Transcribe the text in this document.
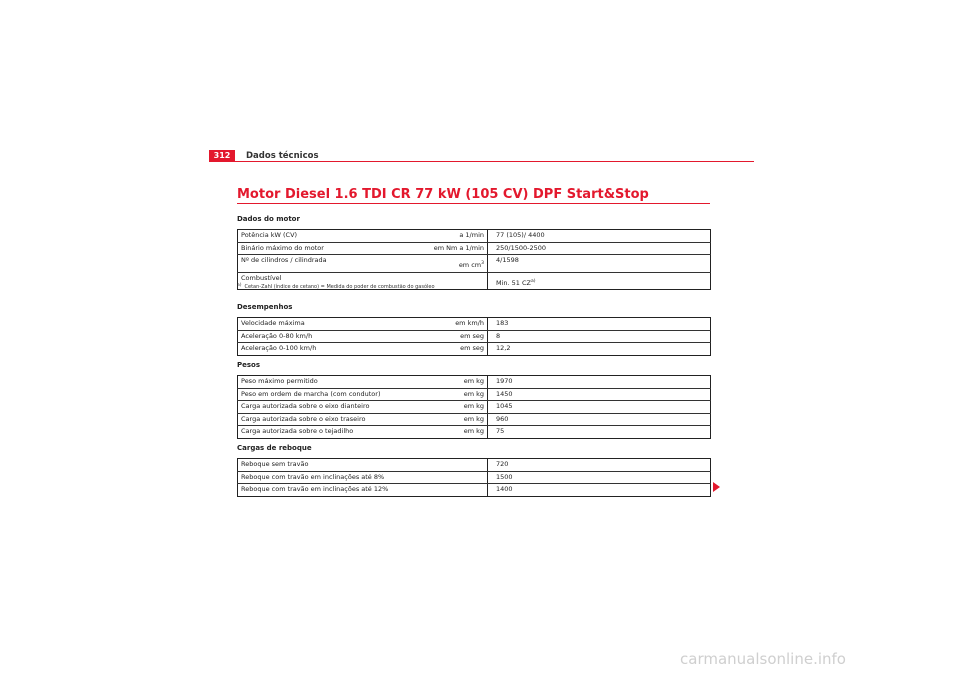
312	Dados técnicos
Motor Diesel 1.6 TDI CR 77 kW (105 CV) DPF Start&Stop
Dados do motor
Potência kW (CV)	a 1/min		77 (105)/ 4400
Binário máximo do motor	em Nm a 1/min		250/1500-2500
Nº de cilindros / cilindrada	em $cm^3$		4/1598
Combustível			Min. 51 CZ$^{a)}$
a) Cetan-Zahl (índice de cetano) = Medida do poder de combustão do gasóleo
Desempenhos
Velocidade máxima	em km/h		183
Aceleração 0-80 km/h	em seg		8
Aceleração 0-100 km/h	em seg		12,2
Pesos
Peso máximo permitido	em kg		1970
Peso em ordem de marcha (com condutor)	em kg		1450
Carga autorizada sobre o eixo dianteiro	em kg		1045
Carga autorizada sobre o eixo traseiro	em kg		960
Carga autorizada sobre o tejadilho	em kg		75
Cargas de reboque
Reboque sem travão			720
Reboque com travão em inclinações até 8%			1500
Reboque com travão em inclinações até 12%			1400
carmanualsonline.info
